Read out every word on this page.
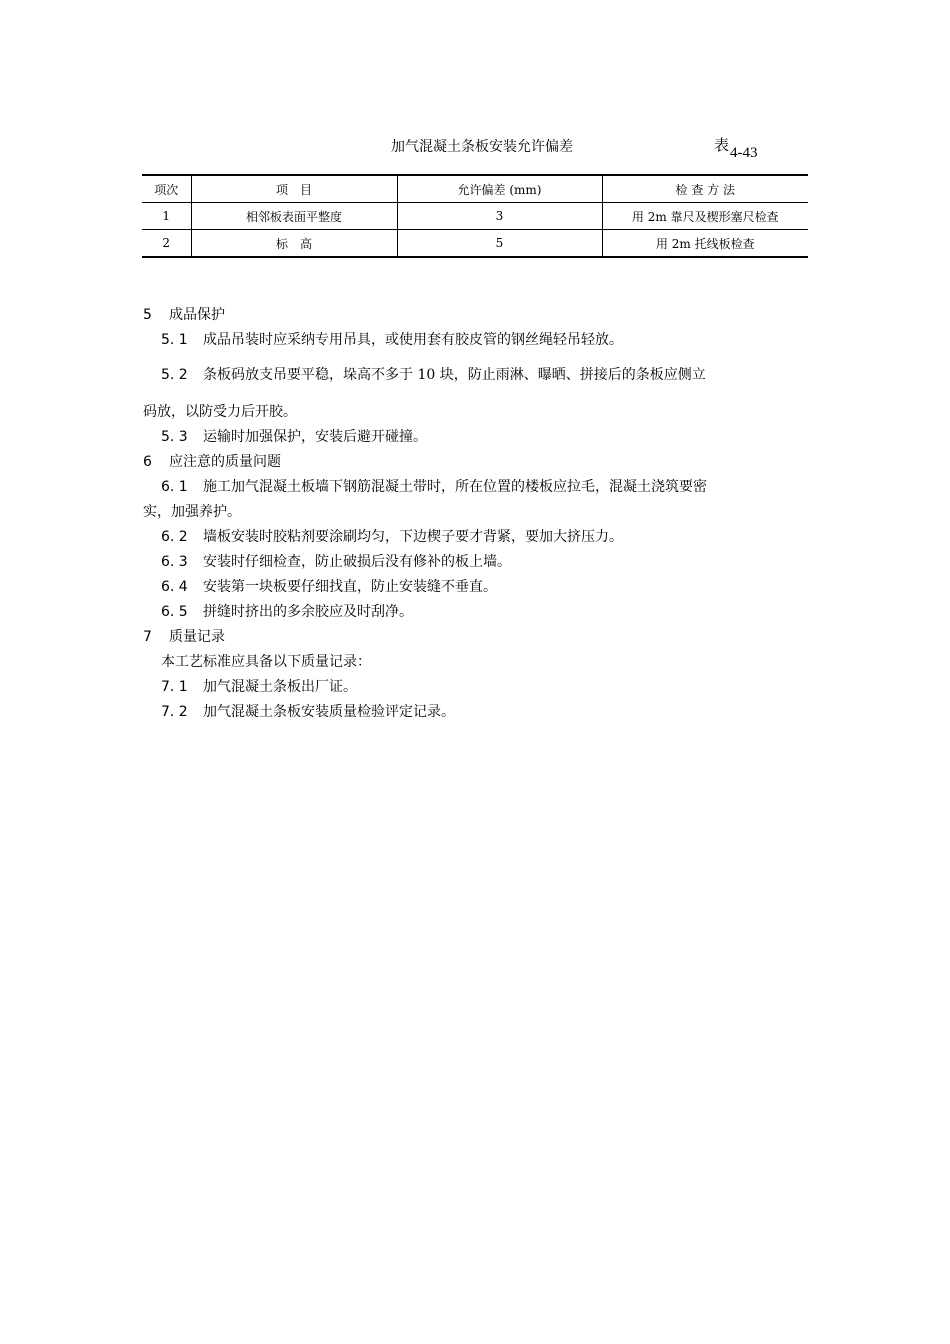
加气混凝土条板安装允许偏差	表4-43
项次	项　目	允许偏差 (mm)	检 查 方 法
1	相邻板表面平整度	3	用 2m 靠尺及楔形塞尺检查
2	标　高	5	用 2m 托线板检查
5 成品保护
5. 1 成品吊装时应采纳专用吊具，或使用套有胶皮管的钢丝绳轻吊轻放。
5. 2 条板码放支吊要平稳，垛高不多于 10 块，防止雨淋、曝晒、拼接后的条板应侧立
码放，以防受力后开胶。
5. 3 运输时加强保护，安装后避开碰撞。
6 应注意的质量问题
6. 1 施工加气混凝土板墙下钢筋混凝土带时，所在位置的楼板应拉毛，混凝土浇筑要密
实，加强养护。
6. 2 墙板安装时胶粘剂要涂刷均匀，下边楔子要才背紧，要加大挤压力。
6. 3 安装时仔细检查，防止破损后没有修补的板上墙。
6. 4 安装第一块板要仔细找直，防止安装缝不垂直。
6. 5 拼缝时挤出的多余胶应及时刮净。
7 质量记录
本工艺标准应具备以下质量记录：
7. 1 加气混凝土条板出厂证。
7. 2 加气混凝土条板安装质量检验评定记录。
